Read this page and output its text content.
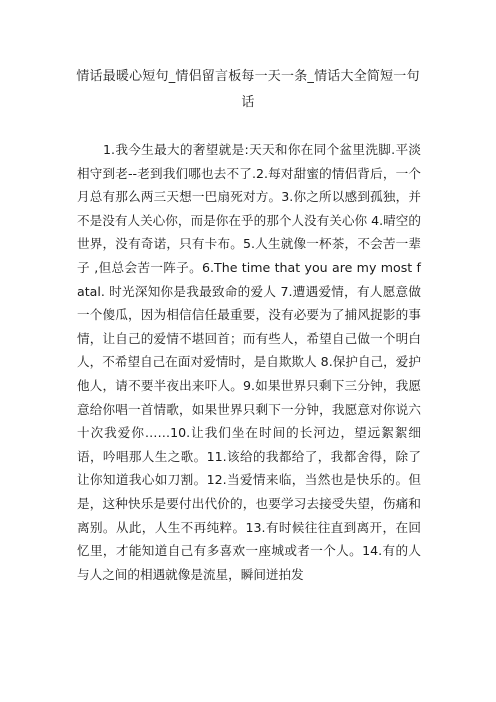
情话最暖心短句_情侣留言板每一天一条_情话大全简短一句话

1.我今生最大的奢望就是:天天和你在同个盆里洗脚.平淡相守到老--老到我们哪也去不了.2.每对甜蜜的情侣背后，一个月总有那么两三天想一巴扇死对方。3.你之所以感到孤独，并不是没有人关心你，而是你在乎的那个人没有关心你 4.晴空的世界，没有奇诺，只有卡布。5.人生就像一杯茶，不会苦一辈子 ,但总会苦一阵子。6.The time that you are my most fatal. 时光深知你是我最致命的爱人 7.遭遇爱情，有人愿意做一个傻瓜，因为相信信任最重要，没有必要为了捕风捉影的事情，让自己的爱情不堪回首；而有些人，希望自己做一个明白人，不希望自己在面对爱情时，是自欺欺人 8.保护自己，爱护他人，请不要半夜出来吓人。9.如果世界只剩下三分钟，我愿意给你唱一首情歌，如果世界只剩下一分钟，我愿意对你说六十次我爱你……10.让我们坐在时间的长河边，望远絮絮细语，吟唱那人生之歌。11.该给的我都给了，我都舍得，除了让你知道我心如刀割。12.当爱情来临，当然也是快乐的。但是，这种快乐是要付出代价的，也要学习去接受失望，伤痛和离别。从此，人生不再纯粹。13.有时候往往直到离开，在回忆里，才能知道自己有多喜欢一座城或者一个人。14.有的人与人之间的相遇就像是流星，瞬间迸拍发
